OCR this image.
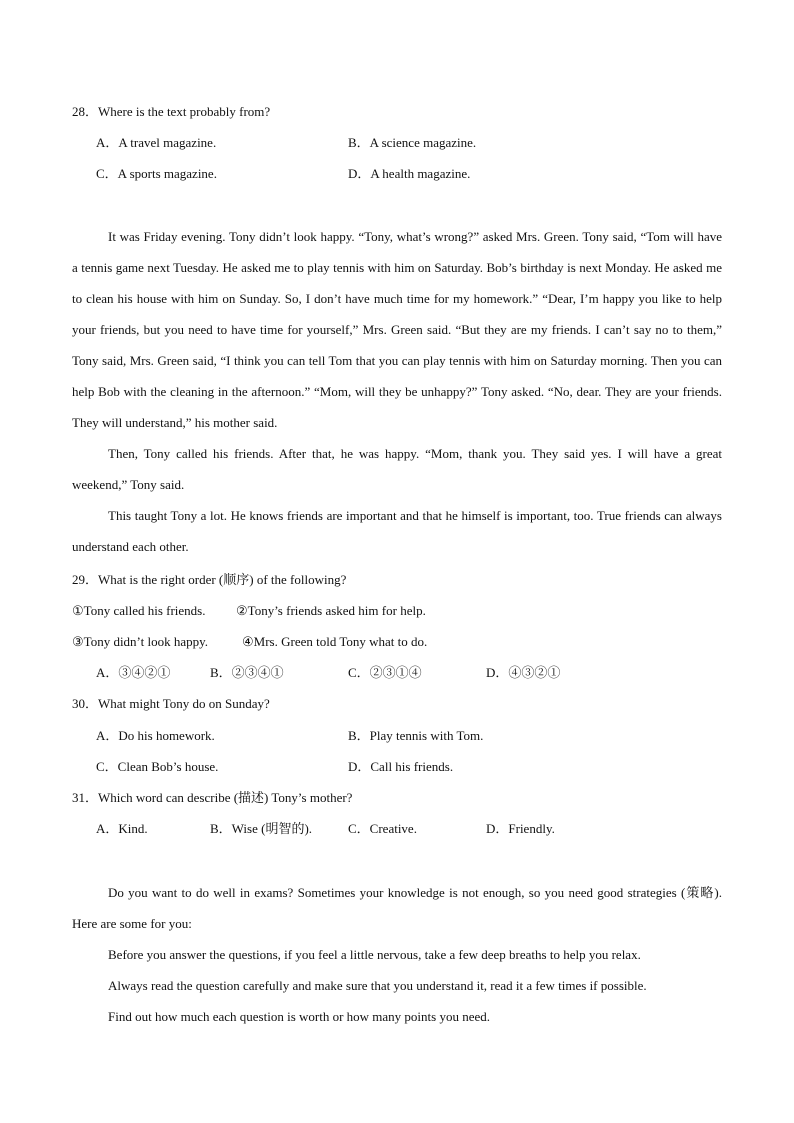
28．Where is the text probably from?
A．A travel magazine.	B．A science magazine.
C．A sports magazine.	D．A health magazine.

It was Friday evening. Tony didn’t look happy. “Tony, what’s wrong?” asked Mrs. Green. Tony said, “Tom will have a tennis game next Tuesday. He asked me to play tennis with him on Saturday. Bob’s birthday is next Monday. He asked me to clean his house with him on Sunday. So, I don’t have much time for my homework.” “Dear, I’m happy you like to help your friends, but you need to have time for yourself,” Mrs. Green said. “But they are my friends. I can’t say no to them,” Tony said, Mrs. Green said, “I think you can tell Tom that you can play tennis with him on Saturday morning. Then you can help Bob with the cleaning in the afternoon.” “Mom, will they be unhappy?” Tony asked. “No, dear. They are your friends. They will understand,” his mother said.

Then, Tony called his friends. After that, he was happy. “Mom, thank you. They said yes. I will have a great weekend,” Tony said.

This taught Tony a lot. He knows friends are important and that he himself is important, too. True friends can always understand each other.

29．What is the right order (顺序) of the following?
①Tony called his friends. ②Tony’s friends asked him for help.
③Tony didn’t look happy.	④Mrs. Green told Tony what to do.
A．③④②①	B．②③④①	C．②③①④	D．④③②①
30．What might Tony do on Sunday?
A．Do his homework.	B．Play tennis with Tom.
C．Clean Bob’s house.	D．Call his friends.
31．Which word can describe (描述) Tony’s mother?
A．Kind.	B．Wise (明智的).	C．Creative.	D．Friendly.

Do you want to do well in exams? Sometimes your knowledge is not enough, so you need good strategies (策略). Here are some for you:

Before you answer the questions, if you feel a little nervous, take a few deep breaths to help you relax.

Always read the question carefully and make sure that you understand it, read it a few times if possible.

Find out how much each question is worth or how many points you need.
